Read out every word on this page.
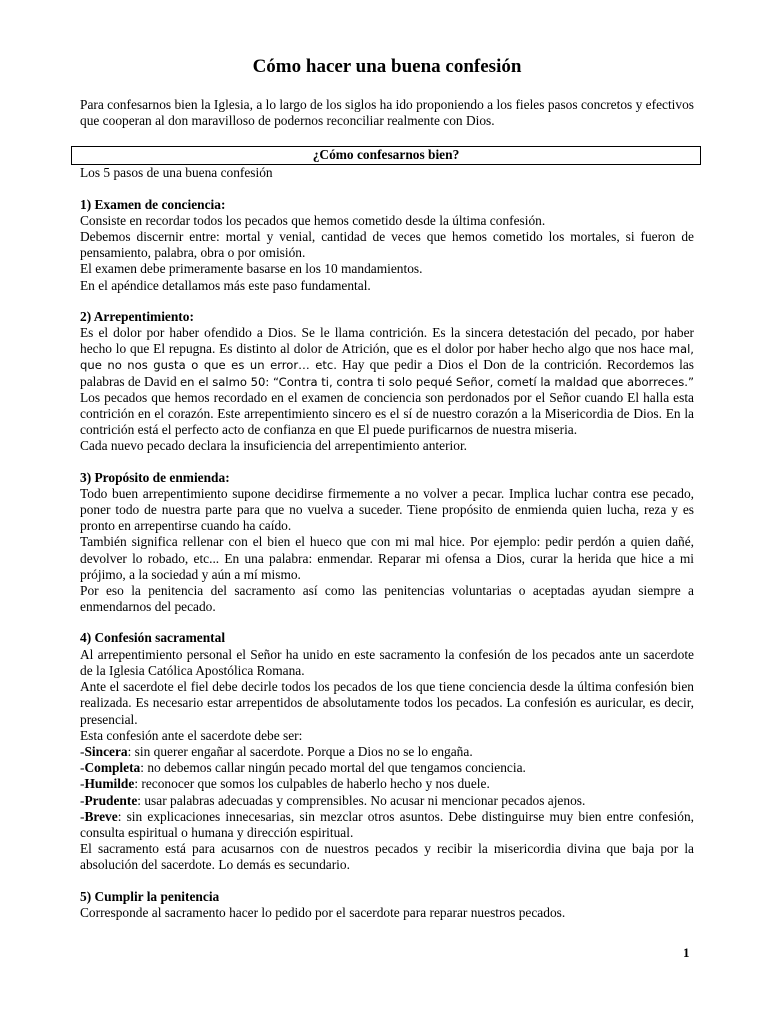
Cómo hacer una buena confesión

Para confesarnos bien la Iglesia, a lo largo de los siglos ha ido proponiendo a los fieles pasos concretos y efectivos que cooperan al don maravilloso de podernos reconciliar realmente con Dios.

¿Cómo confesarnos bien?

Los 5 pasos de una buena confesión

1) Examen de conciencia:

Consiste en recordar todos los pecados que hemos cometido desde la última confesión.

Debemos discernir entre: mortal y venial, cantidad de veces que hemos cometido los mortales, si fueron de pensamiento, palabra, obra o por omisión.

El examen debe primeramente basarse en los 10 mandamientos.

En el apéndice detallamos más este paso fundamental.

2) Arrepentimiento:

Es el dolor por haber ofendido a Dios. Se le llama contrición. Es la sincera detestación del pecado, por haber hecho lo que El repugna. Es distinto al dolor de Atrición, que es el dolor por haber hecho algo que nos hace mal, que no nos gusta o que es un error… etc. Hay que pedir a Dios el Don de la contrición. Recordemos las palabras de David en el salmo 50: “Contra ti, contra ti solo pequé Señor, cometí la maldad que aborreces.”

Los pecados que hemos recordado en el examen de conciencia son perdonados por el Señor cuando El halla esta contrición en el corazón. Este arrepentimiento sincero es el sí de nuestro corazón a la Misericordia de Dios. En la contrición está el perfecto acto de confianza en que El puede purificarnos de nuestra miseria.

Cada nuevo pecado declara la insuficiencia del arrepentimiento anterior.

3) Propósito de enmienda:

Todo buen arrepentimiento supone decidirse firmemente a no volver a pecar. Implica luchar contra ese pecado, poner todo de nuestra parte para que no vuelva a suceder. Tiene propósito de enmienda quien lucha, reza y es pronto en arrepentirse cuando ha caído.

También significa rellenar con el bien el hueco que con mi mal hice. Por ejemplo: pedir perdón a quien dañé, devolver lo robado, etc... En una palabra: enmendar. Reparar mi ofensa a Dios, curar la herida que hice a mi prójimo, a la sociedad y aún a mí mismo.

Por eso la penitencia del sacramento así como las penitencias voluntarias o aceptadas ayudan siempre a enmendarnos del pecado.

4) Confesión sacramental

Al arrepentimiento personal el Señor ha unido en este sacramento la confesión de los pecados ante un sacerdote de la Iglesia Católica Apostólica Romana.

Ante el sacerdote el fiel debe decirle todos los pecados de los que tiene conciencia desde la última confesión bien realizada. Es necesario estar arrepentidos de absolutamente todos los pecados. La confesión es auricular, es decir, presencial.

Esta confesión ante el sacerdote debe ser:

-Sincera: sin querer engañar al sacerdote. Porque a Dios no se lo engaña.

-Completa: no debemos callar ningún pecado mortal del que tengamos conciencia.

-Humilde: reconocer que somos los culpables de haberlo hecho y nos duele.

-Prudente: usar palabras adecuadas y comprensibles. No acusar ni mencionar pecados ajenos.

-Breve: sin explicaciones innecesarias, sin mezclar otros asuntos. Debe distinguirse muy bien entre confesión, consulta espiritual o humana y dirección espiritual.

El sacramento está para acusarnos con de nuestros pecados y recibir la misericordia divina que baja por la absolución del sacerdote. Lo demás es secundario.

5) Cumplir la penitencia

Corresponde al sacramento hacer lo pedido por el sacerdote para reparar nuestros pecados.

1
